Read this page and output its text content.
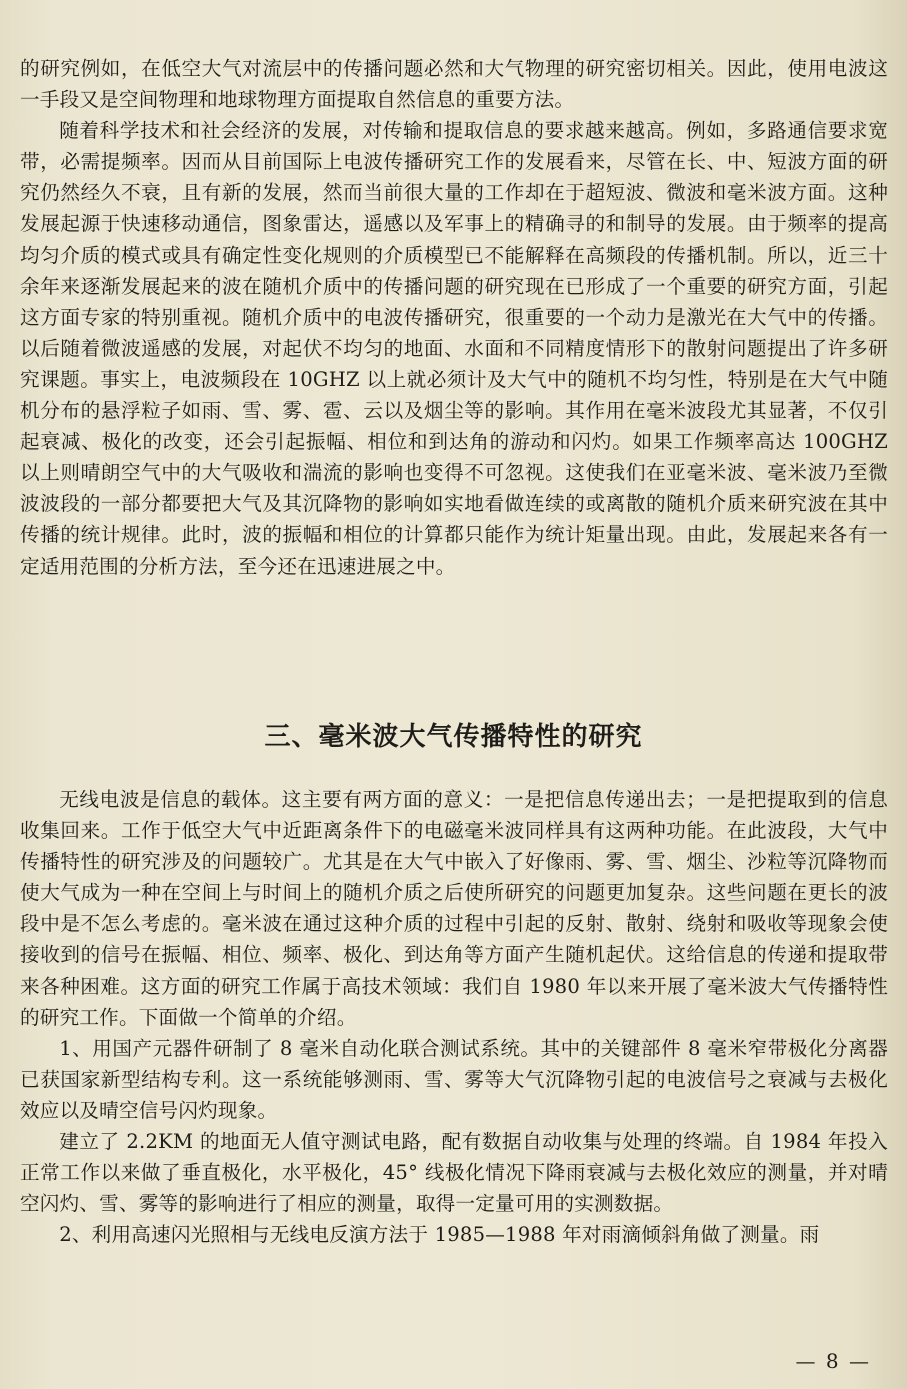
的研究例如，在低空大气对流层中的传播问题必然和大气物理的研究密切相关。因此，使用电波这一手段又是空间物理和地球物理方面提取自然信息的重要方法。

随着科学技术和社会经济的发展，对传输和提取信息的要求越来越高。例如，多路通信要求宽带，必需提频率。因而从目前国际上电波传播研究工作的发展看来，尽管在长、中、短波方面的研究仍然经久不衰，且有新的发展，然而当前很大量的工作却在于超短波、微波和毫米波方面。这种发展起源于快速移动通信，图象雷达，遥感以及军事上的精确寻的和制导的发展。由于频率的提高均匀介质的模式或具有确定性变化规则的介质模型已不能解释在高频段的传播机制。所以，近三十余年来逐渐发展起来的波在随机介质中的传播问题的研究现在已形成了一个重要的研究方面，引起这方面专家的特别重视。随机介质中的电波传播研究，很重要的一个动力是激光在大气中的传播。以后随着微波遥感的发展，对起伏不均匀的地面、水面和不同精度情形下的散射问题提出了许多研究课题。事实上，电波频段在 10GHZ 以上就必须计及大气中的随机不均匀性，特别是在大气中随机分布的悬浮粒子如雨、雪、雾、雹、云以及烟尘等的影响。其作用在毫米波段尤其显著，不仅引起衰减、极化的改变，还会引起振幅、相位和到达角的游动和闪灼。如果工作频率高达 100GHZ 以上则晴朗空气中的大气吸收和湍流的影响也变得不可忽视。这使我们在亚毫米波、毫米波乃至微波波段的一部分都要把大气及其沉降物的影响如实地看做连续的或离散的随机介质来研究波在其中传播的统计规律。此时，波的振幅和相位的计算都只能作为统计矩量出现。由此，发展起来各有一定适用范围的分析方法，至今还在迅速进展之中。

三、毫米波大气传播特性的研究

无线电波是信息的载体。这主要有两方面的意义：一是把信息传递出去；一是把提取到的信息收集回来。工作于低空大气中近距离条件下的电磁毫米波同样具有这两种功能。在此波段，大气中传播特性的研究涉及的问题较广。尤其是在大气中嵌入了好像雨、雾、雪、烟尘、沙粒等沉降物而使大气成为一种在空间上与时间上的随机介质之后使所研究的问题更加复杂。这些问题在更长的波段中是不怎么考虑的。毫米波在通过这种介质的过程中引起的反射、散射、绕射和吸收等现象会使接收到的信号在振幅、相位、频率、极化、到达角等方面产生随机起伏。这给信息的传递和提取带来各种困难。这方面的研究工作属于高技术领域：我们自 1980 年以来开展了毫米波大气传播特性的研究工作。下面做一个简单的介绍。

1、用国产元器件研制了 8 毫米自动化联合测试系统。其中的关键部件 8 毫米窄带极化分离器已获国家新型结构专利。这一系统能够测雨、雪、雾等大气沉降物引起的电波信号之衰减与去极化效应以及晴空信号闪灼现象。

建立了 2.2KM 的地面无人值守测试电路，配有数据自动收集与处理的终端。自 1984 年投入正常工作以来做了垂直极化，水平极化，45° 线极化情况下降雨衰减与去极化效应的测量，并对晴空闪灼、雪、雾等的影响进行了相应的测量，取得一定量可用的实测数据。

2、利用高速闪光照相与无线电反演方法于 1985—1988 年对雨滴倾斜角做了测量。雨

— 8 —
